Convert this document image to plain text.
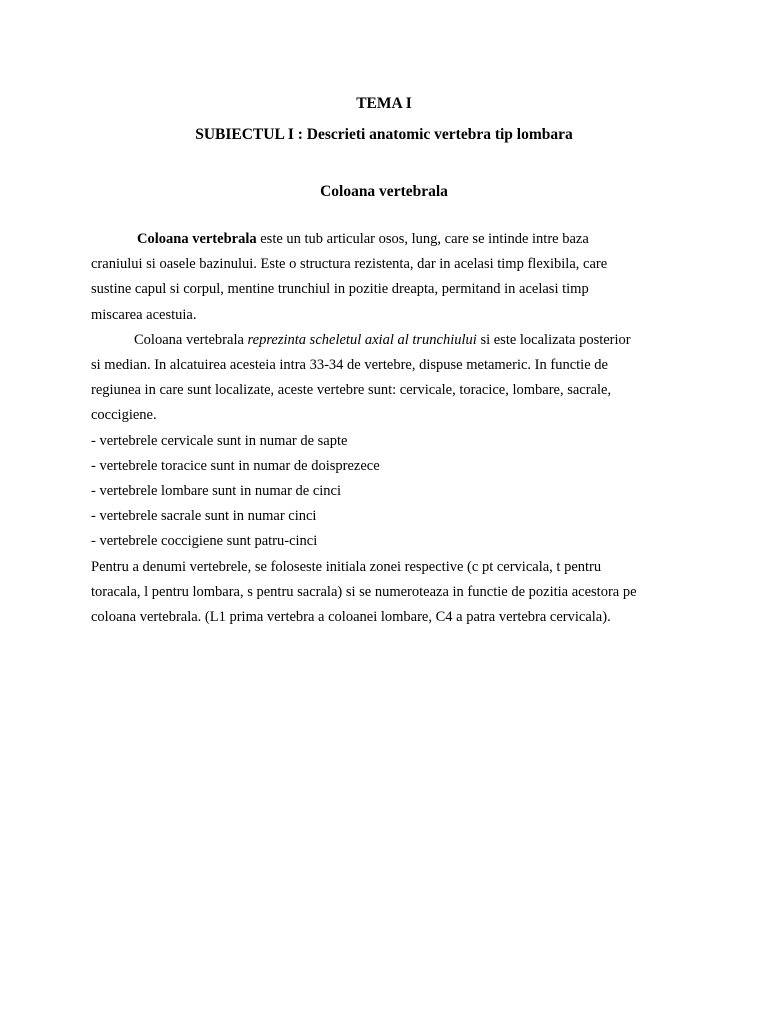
TEMA I
SUBIECTUL I : Descrieti anatomic vertebra tip lombara
Coloana vertebrala
Coloana vertebrala este un tub articular osos, lung, care se intinde intre baza
craniului si oasele bazinului. Este o structura rezistenta, dar in acelasi timp flexibila, care
sustine capul si corpul, mentine trunchiul in pozitie dreapta, permitand in acelasi timp
miscarea acestuia.
Coloana vertebrala reprezinta scheletul axial al trunchiului si este localizata posterior
si median. In alcatuirea acesteia intra 33-34 de vertebre, dispuse metameric. In functie de
regiunea in care sunt localizate, aceste vertebre sunt: cervicale, toracice, lombare, sacrale,
coccigiene.
- vertebrele cervicale sunt in numar de sapte
- vertebrele toracice sunt in numar de doisprezece
- vertebrele lombare sunt in numar de cinci
- vertebrele sacrale sunt in numar cinci
- vertebrele coccigiene sunt patru-cinci
Pentru a denumi vertebrele, se foloseste initiala zonei respective (c pt cervicala, t pentru
toracala, l pentru lombara, s pentru sacrala) si se numeroteaza in functie de pozitia acestora pe
coloana vertebrala. (L1 prima vertebra a coloanei lombare, C4 a patra vertebra cervicala).
